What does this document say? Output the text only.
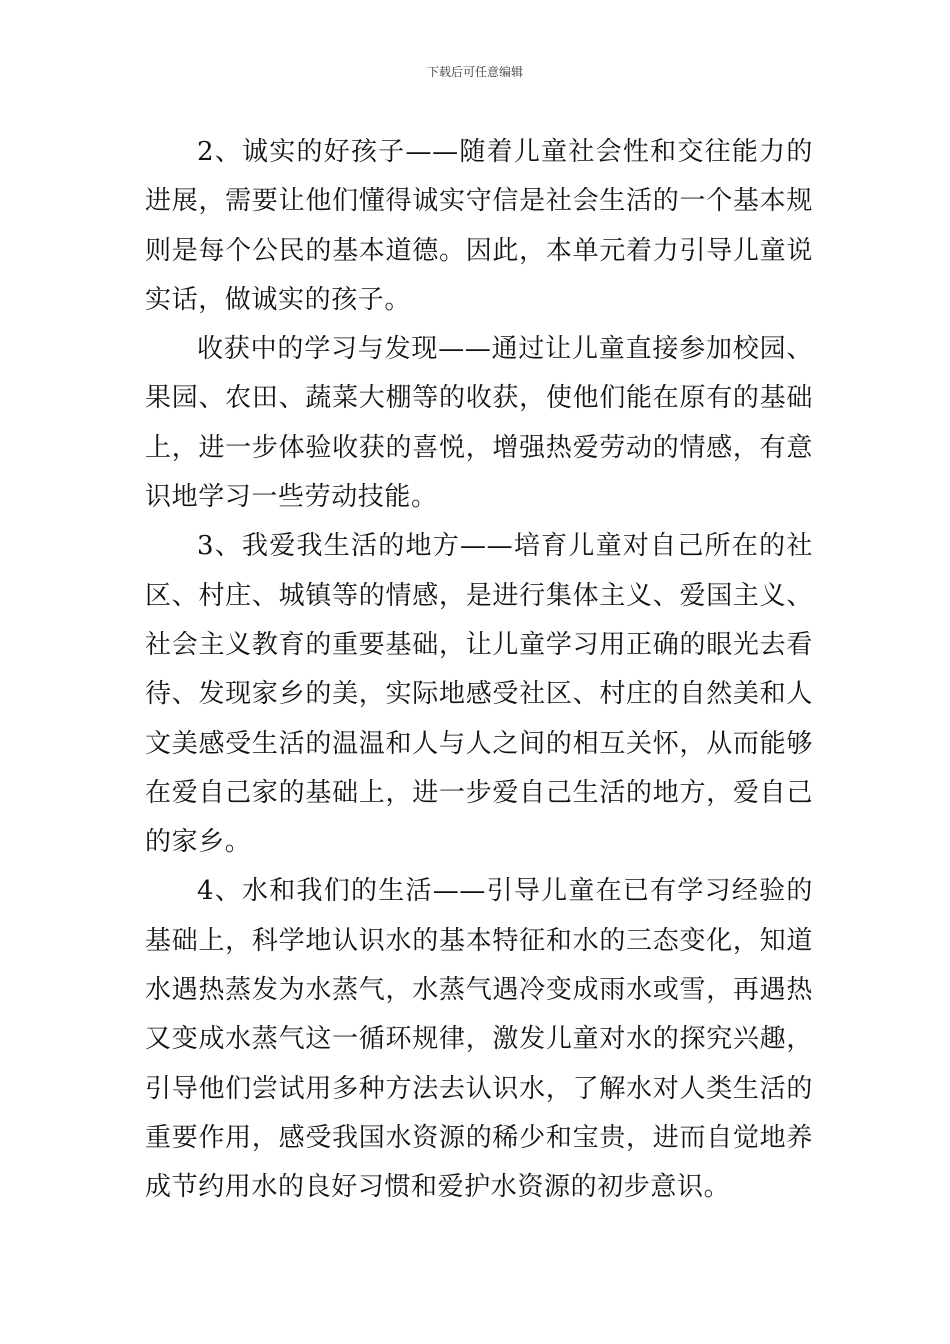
下载后可任意编辑

2、诚实的好孩子——随着儿童社会性和交往能力的进展，需要让他们懂得诚实守信是社会生活的一个基本规则是每个公民的基本道德。因此，本单元着力引导儿童说实话，做诚实的孩子。

收获中的学习与发现——通过让儿童直接参加校园、果园、农田、蔬菜大棚等的收获，使他们能在原有的基础上，进一步体验收获的喜悦，增强热爱劳动的情感，有意识地学习一些劳动技能。

3、我爱我生活的地方——培育儿童对自己所在的社区、村庄、城镇等的情感，是进行集体主义、爱国主义、社会主义教育的重要基础，让儿童学习用正确的眼光去看待、发现家乡的美，实际地感受社区、村庄的自然美和人文美感受生活的温温和人与人之间的相互关怀，从而能够在爱自己家的基础上，进一步爱自己生活的地方，爱自己的家乡。

4、水和我们的生活——引导儿童在已有学习经验的基础上，科学地认识水的基本特征和水的三态变化，知道水遇热蒸发为水蒸气，水蒸气遇冷变成雨水或雪，再遇热又变成水蒸气这一循环规律，激发儿童对水的探究兴趣，引导他们尝试用多种方法去认识水，了解水对人类生活的重要作用，感受我国水资源的稀少和宝贵，进而自觉地养成节约用水的良好习惯和爱护水资源的初步意识。
